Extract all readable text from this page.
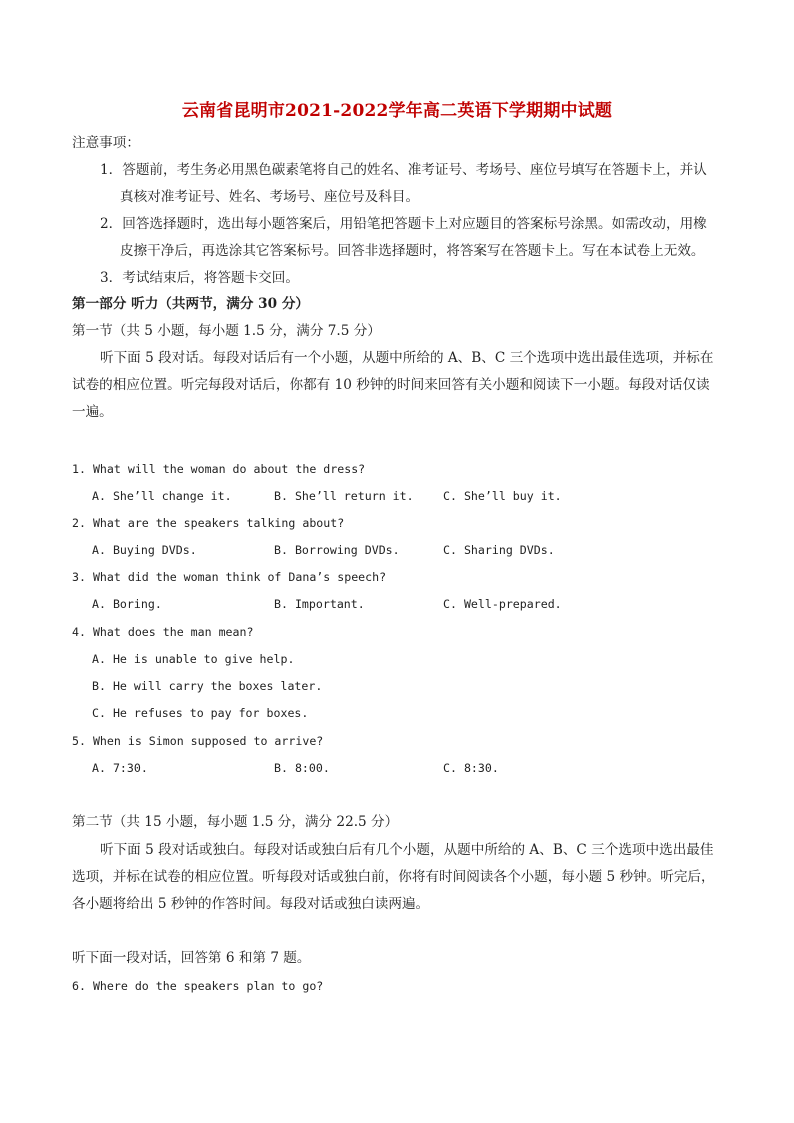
云南省昆明市2021-2022学年高二英语下学期期中试题
注意事项：
1．答题前，考生务必用黑色碳素笔将自己的姓名、准考证号、考场号、座位号填写在答题卡上，并认
真核对准考证号、姓名、考场号、座位号及科目。
2．回答选择题时，选出每小题答案后，用铅笔把答题卡上对应题目的答案标号涂黑。如需改动，用橡
皮擦干净后，再选涂其它答案标号。回答非选择题时，将答案写在答题卡上。写在本试卷上无效。
3．考试结束后，将答题卡交回。
第一部分 听力（共两节，满分 30 分）
第一节（共 5 小题，每小题 1.5 分，满分 7.5 分）
听下面 5 段对话。每段对话后有一个小题，从题中所给的 A、B、C 三个选项中选出最佳选项，并标在
试卷的相应位置。听完每段对话后，你都有 10 秒钟的时间来回答有关小题和阅读下一小题。每段对话仅读
一遍。
1. What will the woman do about the dress?
A. She’ll change it.	B. She’ll return it.	C. She’ll buy it.
2. What are the speakers talking about?
A. Buying DVDs.	B. Borrowing DVDs.	C. Sharing DVDs.
3. What did the woman think of Dana’s speech?
A. Boring.	B. Important.	C. Well-prepared.
4. What does the man mean?
A. He is unable to give help.
B. He will carry the boxes later.
C. He refuses to pay for boxes.
5. When is Simon supposed to arrive?
A. 7:30.	B. 8:00.	C. 8:30.
第二节（共 15 小题，每小题 1.5 分，满分 22.5 分）
听下面 5 段对话或独白。每段对话或独白后有几个小题，从题中所给的 A、B、C 三个选项中选出最佳
选项，并标在试卷的相应位置。听每段对话或独白前，你将有时间阅读各个小题，每小题 5 秒钟。听完后，
各小题将给出 5 秒钟的作答时间。每段对话或独白读两遍。
听下面一段对话，回答第 6 和第 7 题。
6. Where do the speakers plan to go?
